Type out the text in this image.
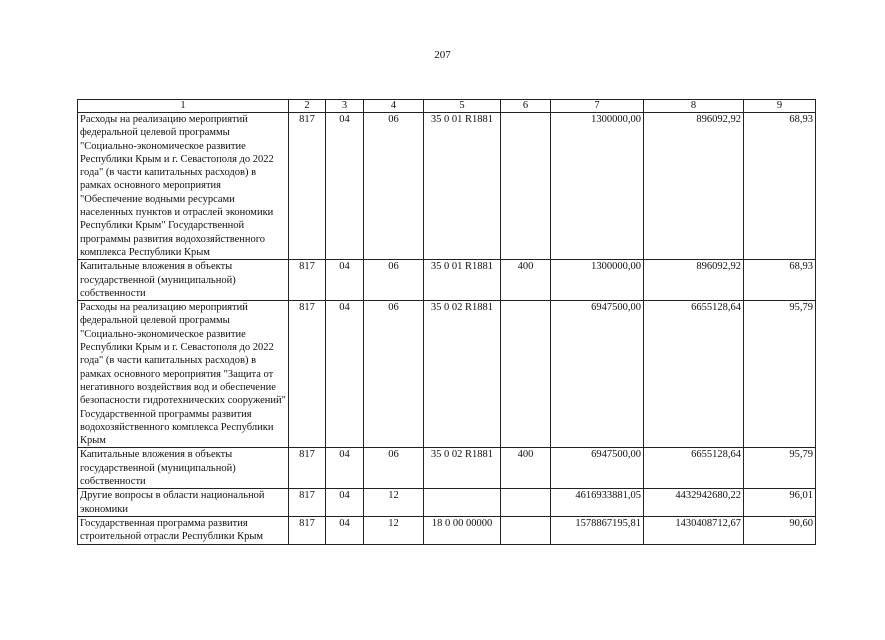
207
1	2	3	4	5	6	7	8	9
Расходы на реализацию мероприятий федеральной целевой программы "Социально-экономическое развитие Республики Крым и г. Севастополя до 2022 года" (в части капитальных расходов) в рамках основного мероприятия "Обеспечение водными ресурсами населенных пунктов и отраслей экономики Республики Крым" Государственной программы развития водохозяйственного комплекса Республики Крым	817	04	06	35 0 01 R1881		1300000,00	896092,92	68,93
Капитальные вложения в объекты государственной (муниципальной) собственности	817	04	06	35 0 01 R1881	400	1300000,00	896092,92	68,93
Расходы на реализацию мероприятий федеральной целевой программы "Социально-экономическое развитие Республики Крым и г. Севастополя до 2022 года" (в части капитальных расходов) в рамках основного мероприятия "Защита от негативного воздействия вод и обеспечение безопасности гидротехнических сооружений" Государственной программы развития водохозяйственного комплекса Республики Крым	817	04	06	35 0 02 R1881		6947500,00	6655128,64	95,79
Капитальные вложения в объекты государственной (муниципальной) собственности	817	04	06	35 0 02 R1881	400	6947500,00	6655128,64	95,79
Другие вопросы в области национальной экономики	817	04	12			4616933881,05	4432942680,22	96,01
Государственная программа развития строительной отрасли Республики Крым	817	04	12	18 0 00 00000		1578867195,81	1430408712,67	90,60
